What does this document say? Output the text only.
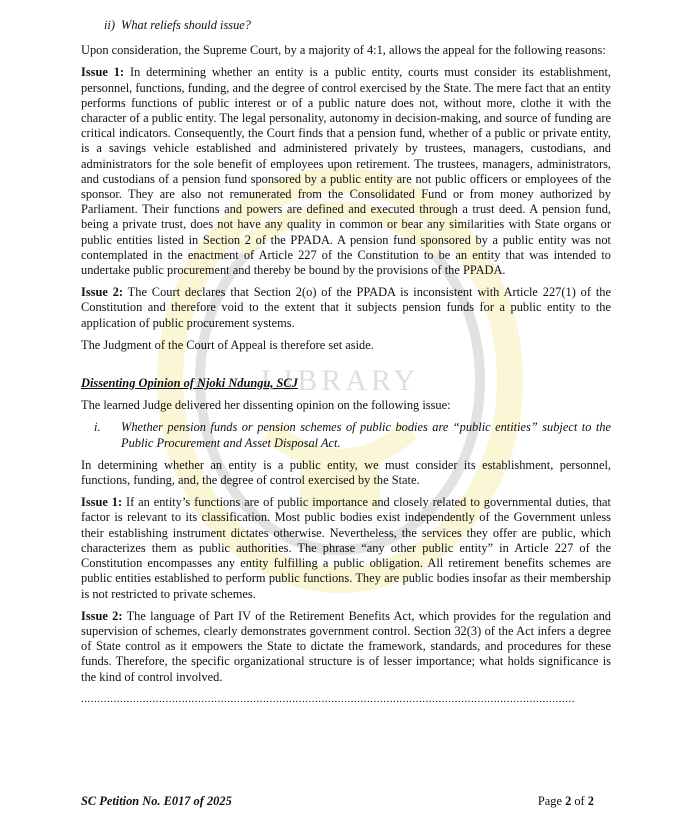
LIBRARY
ii) What reliefs should issue?

Upon consideration, the Supreme Court, by a majority of 4:1, allows the appeal for the following reasons:

Issue 1: In determining whether an entity is a public entity, courts must consider its establishment, personnel, functions, funding, and the degree of control exercised by the State. The mere fact that an entity performs functions of public interest or of a public nature does not, without more, clothe it with the character of a public entity. The legal personality, autonomy in decision-making, and source of funding are critical indicators. Consequently, the Court finds that a pension fund, whether of a public or private entity, is a savings vehicle established and administered privately by trustees, managers, custodians, and administrators for the sole benefit of employees upon retirement. The trustees, managers, administrators, and custodians of a pension fund sponsored by a public entity are not public officers or employees of the sponsor. They are also not remunerated from the Consolidated Fund or from money authorized by Parliament. Their functions and powers are defined and executed through a trust deed. A pension fund, being a private trust, does not have any quality in common or bear any similarities with State organs or public entities listed in Section 2 of the PPADA. A pension fund sponsored by a public entity was not contemplated in the enactment of Article 227 of the Constitution to be an entity that was intended to undertake public procurement and thereby be bound by the provisions of the PPADA.

Issue 2: The Court declares that Section 2(o) of the PPADA is inconsistent with Article 227(1) of the Constitution and therefore void to the extent that it subjects pension funds for a public entity to the application of public procurement systems.

The Judgment of the Court of Appeal is therefore set aside.

Dissenting Opinion of Njoki Ndungu, SCJ

The learned Judge delivered her dissenting opinion on the following issue:

i.	Whether pension funds or pension schemes of public bodies are “public entities” subject to the Public Procurement and Asset Disposal Act.

In determining whether an entity is a public entity, we must consider its establishment, personnel, functions, funding, and, the degree of control exercised by the State.

Issue 1: If an entity’s functions are of public importance and closely related to governmental duties, that factor is relevant to its classification. Most public bodies exist independently of the Government unless their establishing instrument dictates otherwise. Nevertheless, the services they offer are public, which characterizes them as public authorities. The phrase “any other public entity” in Article 227 of the Constitution encompasses any entity fulfilling a public obligation. All retirement benefits schemes are public entities established to perform public functions. They are public bodies insofar as their membership is not restricted to private schemes.

Issue 2: The language of Part IV of the Retirement Benefits Act, which provides for the regulation and supervision of schemes, clearly demonstrates government control. Section 32(3) of the Act infers a degree of State control as it empowers the State to dictate the framework, standards, and procedures for these funds. Therefore, the specific organizational structure is of lesser importance; what holds significance is the kind of control involved.

........................................................................................................................................................
SC Petition No. E017 of 2025	Page 2 of 2
